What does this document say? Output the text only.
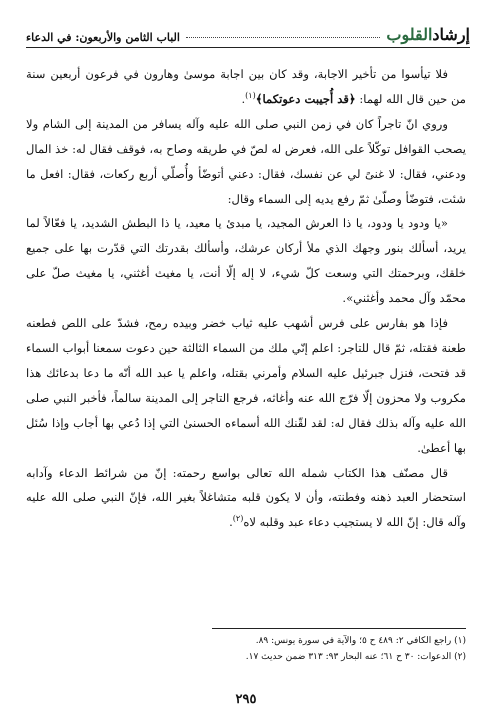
إرشادالقلوب
الباب الثامن والأربعون: في الدعاء

فلا تيأسوا من تأخير الاجابة، وقد كان بين اجابة موسىٰ وهارون في فرعون أربعين سنة من حين قال الله لهما: ﴿قد أُجيبت دعوتكما﴾$^{(١)}$.

وروي انّ تاجراً كان في زمن النبي صلى الله عليه وآله يسافر من المدينة إلى الشام ولا يصحب القوافل توكّلاً على الله، فعرض له لصّ في طريقه وصاح به، فوقف فقال له: خذ المال ودعني، فقال: لا غنىً لي عن نفسك، فقال: دعني أتوضّأ وأُصلّي أربع ركعات، فقال: افعل ما شئت، فتوضّأ وصلّىٰ ثمّ رفع يديه إلى السماء وقال:

«يا ودود يا ودود، يا ذا العرش المجيد، يا مبدئ يا معيد، يا ذا البطش الشديد، يا فعّالاً لما يريد، أسألك بنور وجهك الذي ملأ أركان عرشك، وأسألك بقدرتك التي قدّرت بها على جميع خلقك، وبرحمتك التي وسعت كلّ شيء، لا إله إلّا أنت، يا مغيث أغثني، يا مغيث صلّ على محمّد وآل محمد وأغثني».

فإذا هو بفارس على فرس أشهب عليه ثياب خضر وبيده رمح، فشدّ على اللص فطعنه طعنة فقتله، ثمّ قال للتاجر: اعلم إنّي ملك من السماء الثالثة حين دعوت سمعنا أبواب السماء قد فتحت، فنزل جبرئيل عليه السلام وأمرني بقتله، واعلم يا عبد الله أنّه ما دعا بدعائك هذا مكروب ولا محزون إلّا فرّج الله عنه وأغاثه، فرجع التاجر إلى المدينة سالماً، فأخبر النبي صلى الله عليه وآله بذلك فقال له: لقد لقّنك الله أسماءه الحسنىٰ التي إذا دُعي بها أجاب وإذا سُئل بها أعطىٰ.

قال مصنّف هذا الكتاب شمله الله تعالى بواسع رحمته: إنّ من شرائط الدعاء وآدابه استحضار العبد ذهنه وفطنته، وأن لا يكون قلبه متشاغلاً بغير الله، فإنّ النبي صلى الله عليه وآله قال: إنّ الله لا يستجيب دعاء عبد وقلبه لاه$^{(٢)}$.

(١) راجع الكافي ٢: ٤٨٩ ح ٥؛ والآية في سورة يونس: ٨٩.
(٢) الدعوات: ٣٠ ح ٦١؛ عنه البحار ٩٣: ٣١٣ ضمن حديث ١٧.
٢٩٥
